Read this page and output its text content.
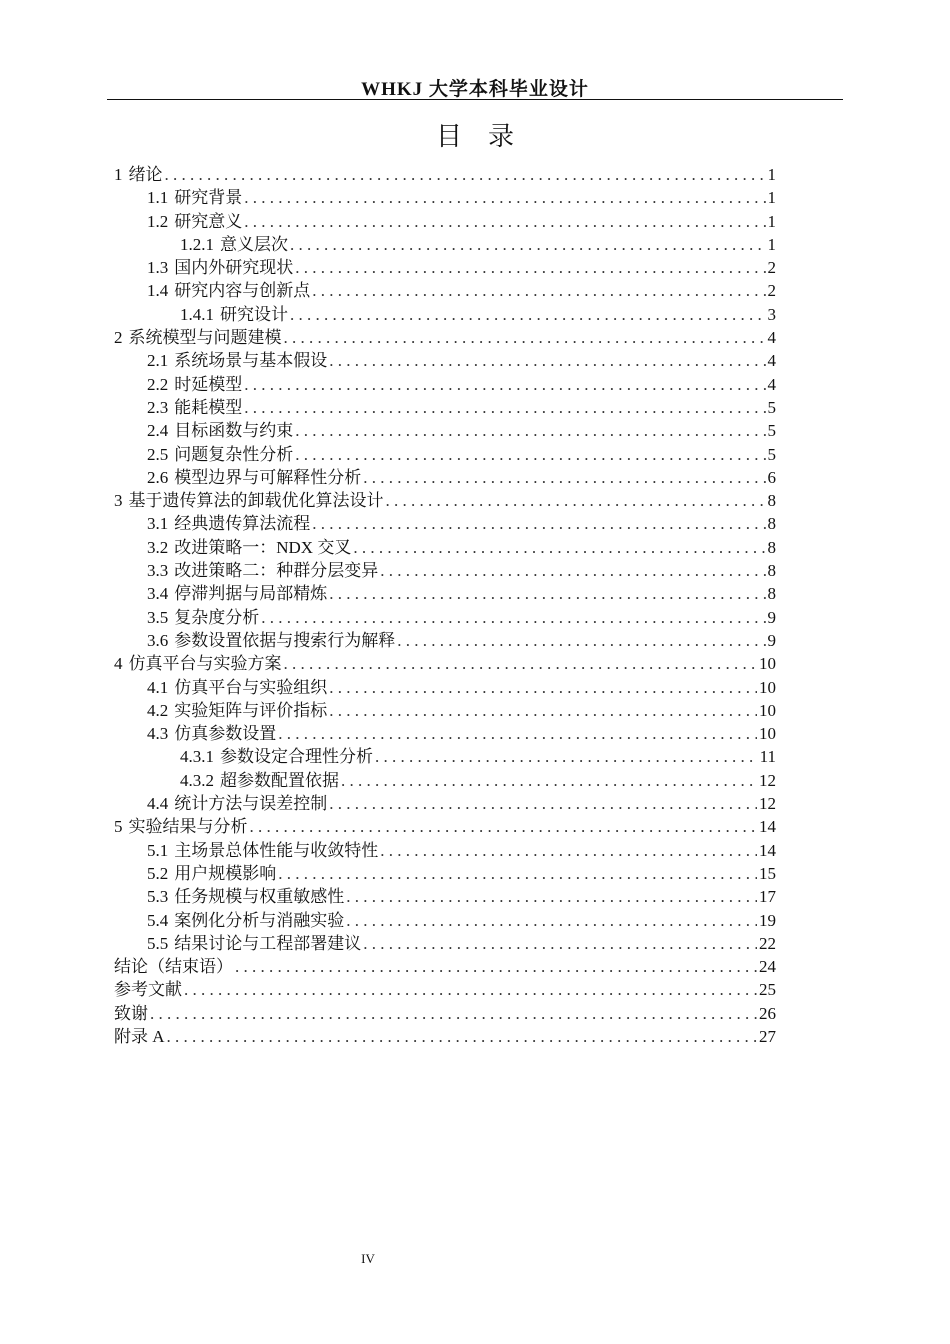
WHKJ 大学本科毕业设计
目　录
1 绪论 . . .	1
1.1 研究背景 . . .	1
1.2 研究意义 . . .	1
1.2.1 意义层次 . . .	1
1.3 国内外研究现状 . . .	2
1.4 研究内容与创新点 . . .	2
1.4.1 研究设计 . . .	3
2 系统模型与问题建模 . . .	4
2.1 系统场景与基本假设 . . .	4
2.2 时延模型 . . .	4
2.3 能耗模型 . . .	5
2.4 目标函数与约束 . . .	5
2.5 问题复杂性分析 . . .	5
2.6 模型边界与可解释性分析 . . .	6
3 基于遗传算法的卸载优化算法设计 . . .	8
3.1 经典遗传算法流程 . . .	8
3.2 改进策略一：NDX 交叉 . . .	8
3.3 改进策略二：种群分层变异 . . .	8
3.4 停滞判据与局部精炼 . . .	8
3.5 复杂度分析 . . .	9
3.6 参数设置依据与搜索行为解释 . . .	9
4 仿真平台与实验方案 . . .	10
4.1 仿真平台与实验组织 . . .	10
4.2 实验矩阵与评价指标 . . .	10
4.3 仿真参数设置 . . .	10
4.3.1 参数设定合理性分析 . . .	11
4.3.2 超参数配置依据 . . .	12
4.4 统计方法与误差控制 . . .	12
5 实验结果与分析 . . .	14
5.1 主场景总体性能与收敛特性 . . .	14
5.2 用户规模影响 . . .	15
5.3 任务规模与权重敏感性 . . .	17
5.4 案例化分析与消融实验 . . .	19
5.5 结果讨论与工程部署建议 . . .	22
结论（结束语） . . .	24
参考文献 . . .	25
致谢 . . .	26
附录 A . . .	27
IV
